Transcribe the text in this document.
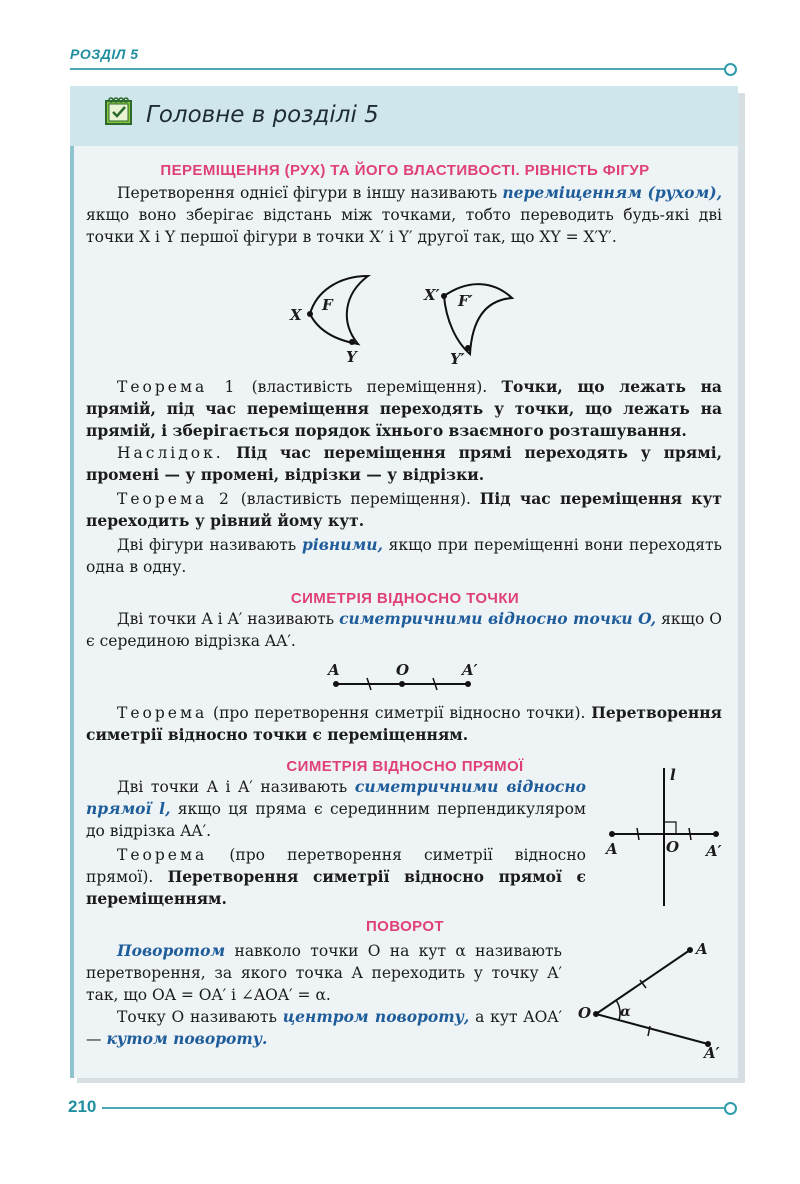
РОЗДІЛ 5
Головне в розділі 5
ПЕРЕМІЩЕННЯ (РУХ) ТА ЙОГО ВЛАСТИВОСТІ. РІВНІСТЬ ФІГУР
  Перетворення однієї фігури в іншу називають переміщенням (рухом), якщо воно зберігає відстань між точками, тобто переводить будь-які дві точки X і Y першої фігури в точки X′ і Y′ другої так, що XY = X′Y′.
X
F
Y
X′ F′
Y′
  Теорема 1 (властивість переміщення). Точки, що лежать на прямій, під час переміщення переходять у точки, що лежать на прямій, і зберігається порядок їхнього взаємного розташування.
  Наслідок. Під час переміщення прямі переходять у прямі, промені — у промені, відрізки — у відрізки.
  Теорема 2 (властивість переміщення). Під час переміщення кут переходить у рівний йому кут.
  Дві фігури називають рівними, якщо при переміщенні вони переходять одна в одну.
СИМЕТРІЯ ВІДНОСНО ТОЧКИ
  Дві точки A і A′ називають симетричними відносно точки O, якщо O є серединою відрізка AA′.
A	O	A′
  Теорема (про перетворення симетрії відносно точки). Перетворення симетрії відносно точки є переміщенням.
СИМЕТРІЯ ВІДНОСНО ПРЯМОЇ
  Дві точки A і A′ називають симетричними відносно прямої l, якщо ця пряма є серединним перпендикуляром до відрізка AA′.
  Теорема (про перетворення симетрії відносно прямої). Перетворення симетрії відносно прямої є переміщенням.
l
A	O A′
ПОВОРОТ
  Поворотом навколо точки O на кут α називають перетворення, за якого точка A переходить у точку A′ так, що OA = OA′ і ∠AOA′ = α.
  Точку O називають центром повороту, а кут AOA′ — кутом повороту.
O
A
A′
α
210
